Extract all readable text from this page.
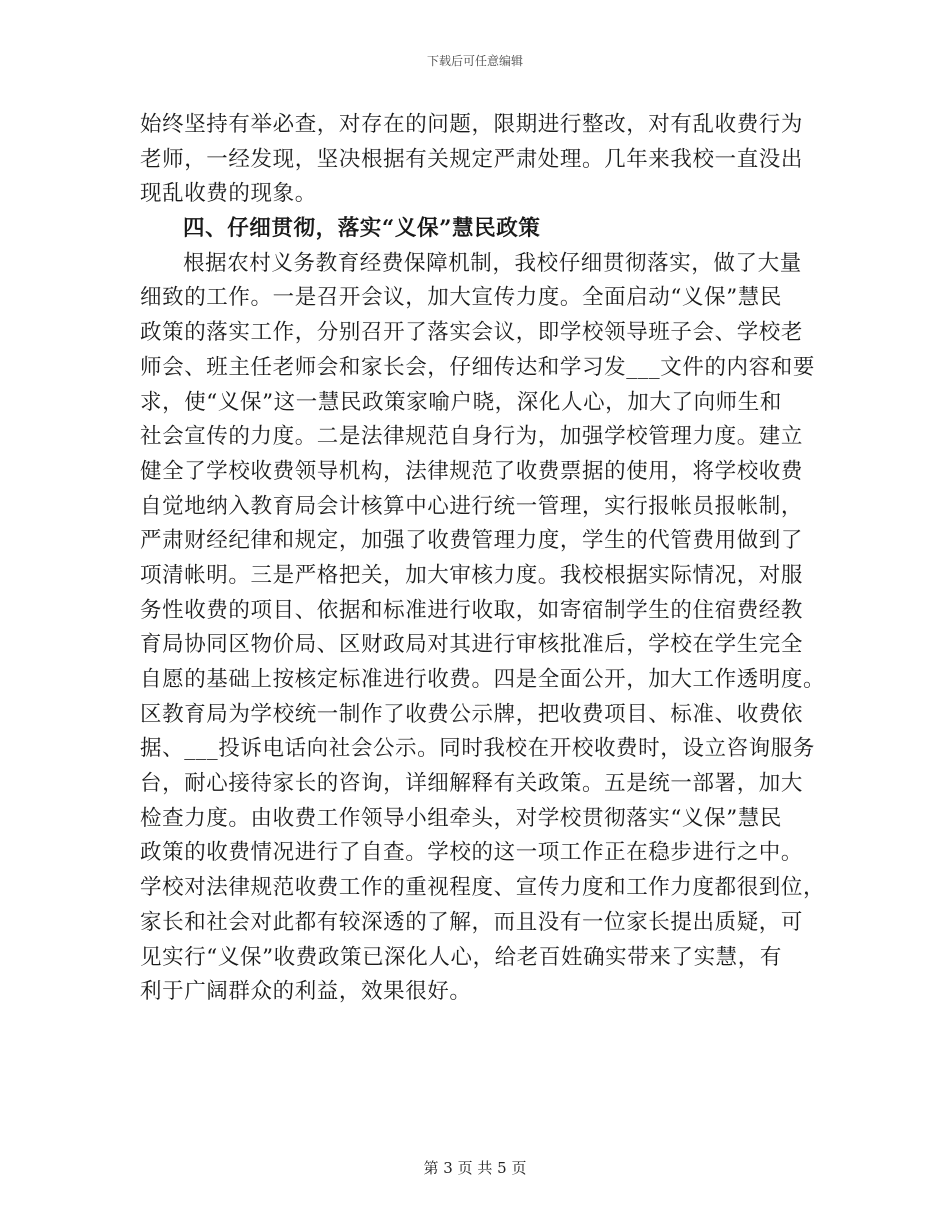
下载后可任意编辑
始终坚持有举必查，对存在的问题，限期进行整改，对有乱收费行为
老师，一经发现，坚决根据有关规定严肃处理。几年来我校一直没出
现乱收费的现象。
四、仔细贯彻，落实“义保”慧民政策
根据农村义务教育经费保障机制，我校仔细贯彻落实，做了大量
细致的工作。一是召开会议，加大宣传力度。全面启动“义保”慧民
政策的落实工作，分别召开了落实会议，即学校领导班子会、学校老
师会、班主任老师会和家长会，仔细传达和学习发___文件的内容和要
求，使“义保”这一慧民政策家喻户晓，深化人心，加大了向师生和
社会宣传的力度。二是法律规范自身行为，加强学校管理力度。建立
健全了学校收费领导机构，法律规范了收费票据的使用，将学校收费
自觉地纳入教育局会计核算中心进行统一管理，实行报帐员报帐制，
严肃财经纪律和规定，加强了收费管理力度，学生的代管费用做到了
项清帐明。三是严格把关，加大审核力度。我校根据实际情况，对服
务性收费的项目、依据和标准进行收取，如寄宿制学生的住宿费经教
育局协同区物价局、区财政局对其进行审核批准后，学校在学生完全
自愿的基础上按核定标准进行收费。四是全面公开，加大工作透明度。
区教育局为学校统一制作了收费公示牌，把收费项目、标准、收费依
据、___投诉电话向社会公示。同时我校在开校收费时，设立咨询服务
台，耐心接待家长的咨询，详细解释有关政策。五是统一部署，加大
检查力度。由收费工作领导小组牵头，对学校贯彻落实“义保”慧民
政策的收费情况进行了自查。学校的这一项工作正在稳步进行之中。
学校对法律规范收费工作的重视程度、宣传力度和工作力度都很到位，
家长和社会对此都有较深透的了解，而且没有一位家长提出质疑，可
见实行“义保”收费政策已深化人心，给老百姓确实带来了实慧，有
利于广阔群众的利益，效果很好。
第 3 页 共 5 页
